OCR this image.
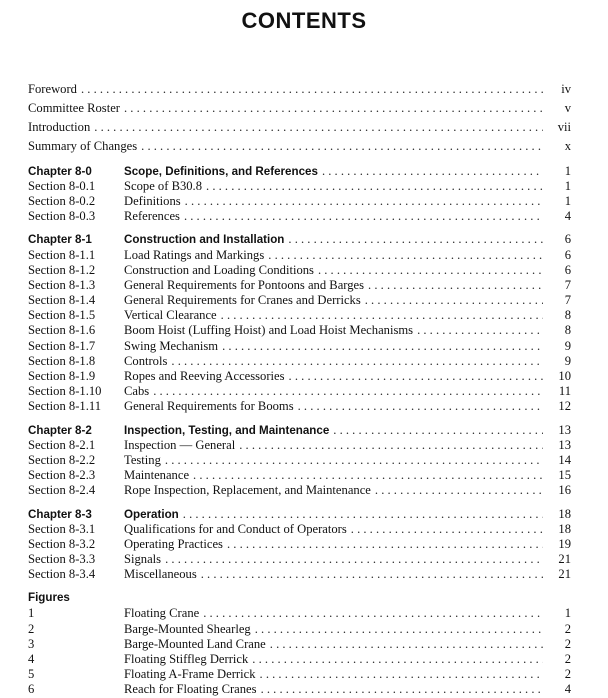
CONTENTS
Foreword . . .	iv
Committee Roster . . .	v
Introduction . . .	vii
Summary of Changes . . .	x
Chapter 8-0	Scope, Definitions, and References . . .	1
Section 8-0.1	Scope of B30.8 . . .	1
Section 8-0.2	Definitions . . .	1
Section 8-0.3	References . . .	4
Chapter 8-1	Construction and Installation . . .	6
Section 8-1.1	Load Ratings and Markings . . .	6
Section 8-1.2	Construction and Loading Conditions . . .	6
Section 8-1.3	General Requirements for Pontoons and Barges . . .	7
Section 8-1.4	General Requirements for Cranes and Derricks . . .	7
Section 8-1.5	Vertical Clearance . . .	8
Section 8-1.6	Boom Hoist (Luffing Hoist) and Load Hoist Mechanisms . . .	8
Section 8-1.7	Swing Mechanism . . .	9
Section 8-1.8	Controls . . .	9
Section 8-1.9	Ropes and Reeving Accessories . . .	10
Section 8-1.10	Cabs . . .	11
Section 8-1.11	General Requirements for Booms . . .	12
Chapter 8-2	Inspection, Testing, and Maintenance . . .	13
Section 8-2.1	Inspection — General . . .	13
Section 8-2.2	Testing . . .	14
Section 8-2.3	Maintenance . . .	15
Section 8-2.4	Rope Inspection, Replacement, and Maintenance . . .	16
Chapter 8-3	Operation . . .	18
Section 8-3.1	Qualifications for and Conduct of Operators . . .	18
Section 8-3.2	Operating Practices . . .	19
Section 8-3.3	Signals . . .	21
Section 8-3.4	Miscellaneous . . .	21
Figures
1	Floating Crane . . .	1
2	Barge-Mounted Shearleg . . .	2
3	Barge-Mounted Land Crane . . .	2
4	Floating Stiffleg Derrick . . .	2
5	Floating A-Frame Derrick . . .	2
6	Reach for Floating Cranes . . .	4
